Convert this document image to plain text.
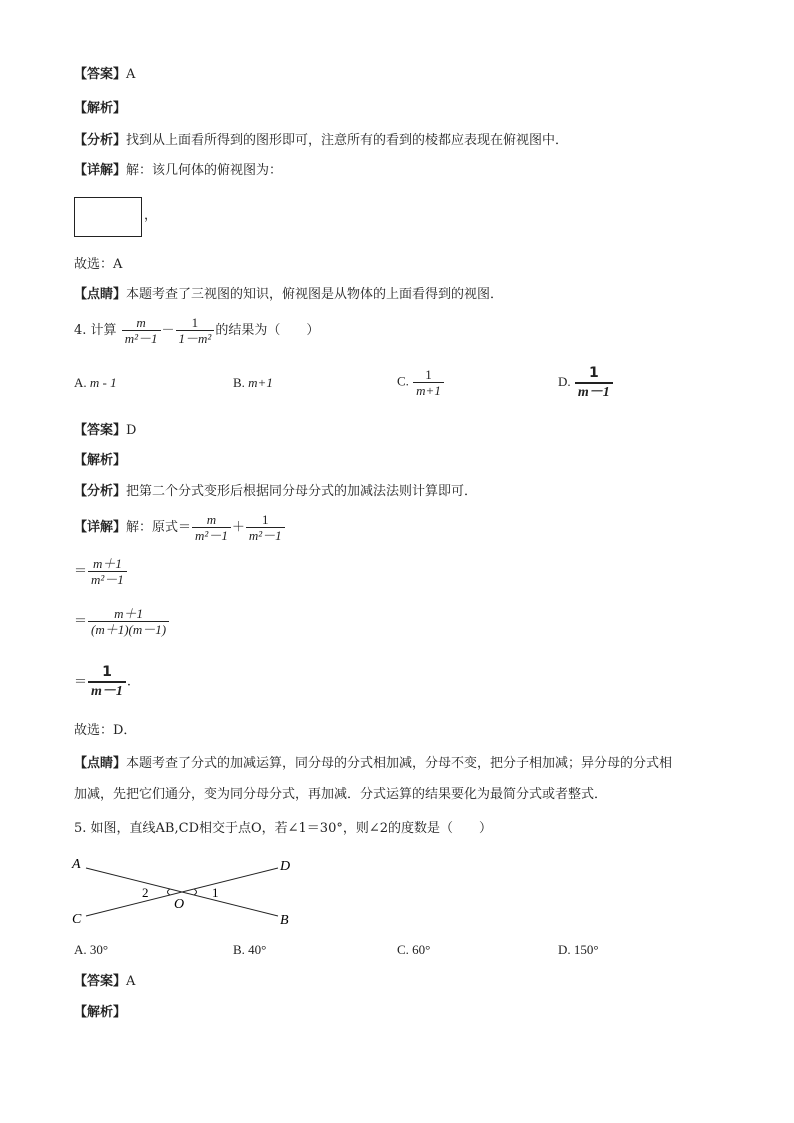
【答案】A
【解析】
【分析】找到从上面看所得到的图形即可，注意所有的看到的棱都应表现在俯视图中．
【详解】解：该几何体的俯视图为：
，
故选：A
【点睛】本题考查了三视图的知识，俯视图是从物体的上面看得到的视图．
4. 计算 $\frac{m}{\text{m²－1}} - \frac{1}{\text{1－m²}}$ 的结果为（　　）
A. m - 1	B. m+1	C. $\frac{1}{m+1}$	D. $\frac{1}{m-1}$
【答案】D
【解析】
【分析】把第二个分式变形后根据同分母分式的加减法法则计算即可．
【详解】解：原式＝ $\frac{m}{\text{m²－1}} + \frac{1}{\text{m²－1}}$
＝ $\frac{m+1}{\text{m²－1}}$
＝ $\frac{m+1}{(m+1)(m-1)}$
＝ $\frac{1}{m-1}$ .
故选：D．
【点睛】本题考查了分式的加减运算，同分母的分式相加减，分母不变，把分子相加减；异分母的分式相
加减，先把它们通分，变为同分母分式，再加减．分式运算的结果要化为最简分式或者整式．
5. 如图，直线AB,CD相交于点O，若∠1＝30°，则∠2的度数是（　　）
A
C
D
B
O
2	1
A. 30°	B. 40°	C. 60°	D. 150°
【答案】A
【解析】
